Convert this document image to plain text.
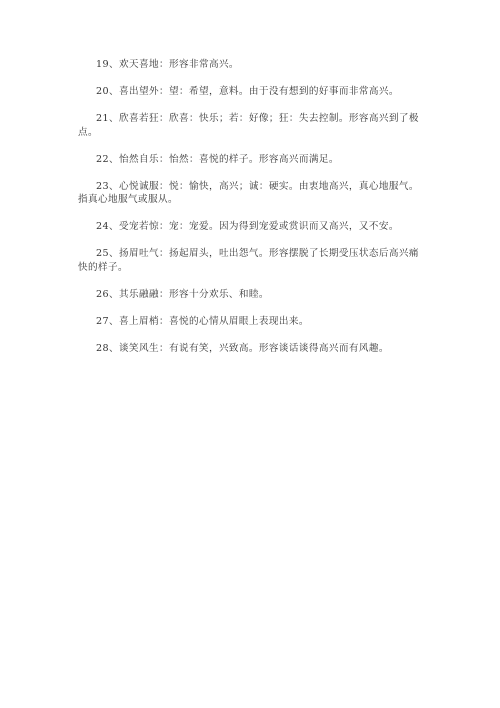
19、欢天喜地：形容非常高兴。

20、喜出望外：望：希望，意料。由于没有想到的好事而非常高兴。

21、欣喜若狂：欣喜：快乐；若：好像；狂：失去控制。形容高兴到了极点。

22、怡然自乐：怡然：喜悦的样子。形容高兴而满足。

23、心悦诚服：悦：愉快，高兴；诚：硬实。由衷地高兴，真心地服气。指真心地服气或服从。

24、受宠若惊：宠：宠爱。因为得到宠爱或赏识而又高兴，又不安。

25、扬眉吐气：扬起眉头，吐出怨气。形容摆脱了长期受压状态后高兴痛快的样子。

26、其乐融融：形容十分欢乐、和睦。

27、喜上眉梢：喜悦的心情从眉眼上表现出来。

28、谈笑风生：有说有笑，兴致高。形容谈话谈得高兴而有风趣。
